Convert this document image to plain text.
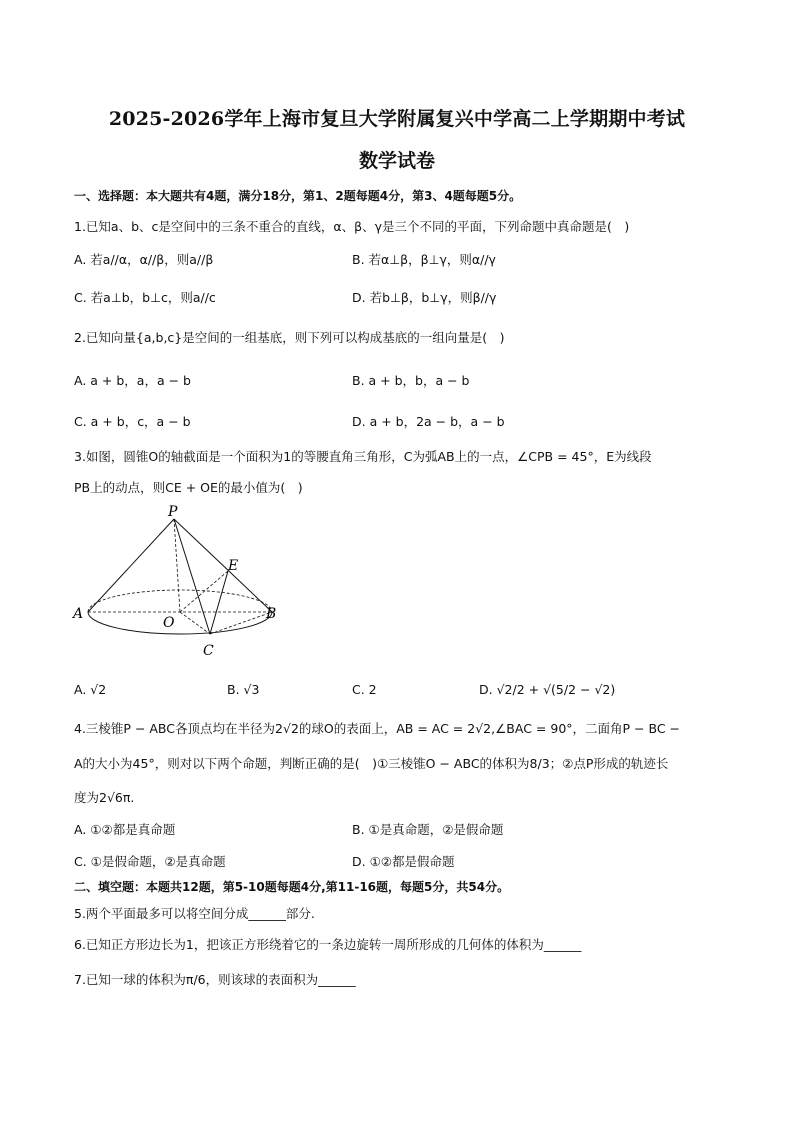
2025-2026学年上海市复旦大学附属复兴中学高二上学期期中考试
数学试卷
一、选择题：本大题共有4题，满分18分，第1、2题每题4分，第3、4题每题5分。
1.已知a、b、c是空间中的三条不重合的直线，α、β、γ是三个不同的平面，下列命题中真命题是(　)
A. 若a//α，α//β，则a//β	B. 若α⊥β，β⊥γ，则α//γ
C. 若a⊥b，b⊥c，则a//c	D. 若b⊥β，b⊥γ，则β//γ
2.已知向量{a,b,c}是空间的一组基底，则下列可以构成基底的一组向量是(　)
A. a + b，a，a − b	B. a + b，b，a − b
C. a + b，c，a − b	D. a + b，2a − b，a − b
3.如图，圆锥O的轴截面是一个面积为1的等腰直角三角形，C为弧AB上的一点，∠CPB = 45°，E为线段
PB上的动点，则CE + OE的最小值为(　)
P
E
A
O
B
C
A. √2	B. √3	C. 2	D. √2/2 + √(5/2 − √2)
4.三棱锥P − ABC各顶点均在半径为2√2的球O的表面上，AB = AC = 2√2,∠BAC = 90°，二面角P − BC −
A的大小为45°，则对以下两个命题，判断正确的是(　)①三棱锥O − ABC的体积为8/3；②点P形成的轨迹长
度为2√6π.
A. ①②都是真命题	B. ①是真命题，②是假命题
C. ①是假命题，②是真命题	D. ①②都是假命题
二、填空题：本题共12题，第5-10题每题4分,第11-16题，每题5分，共54分。
5.两个平面最多可以将空间分成______部分.
6.已知正方形边长为1，把该正方形绕着它的一条边旋转一周所形成的几何体的体积为______
7.已知一球的体积为π/6，则该球的表面积为______
